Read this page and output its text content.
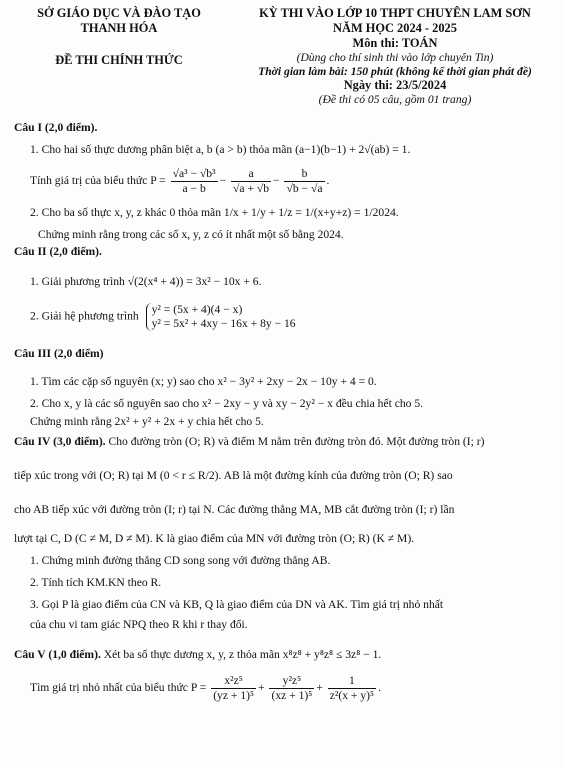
SỞ GIÁO DỤC VÀ ĐÀO TẠO
THANH HÓA
ĐỀ THI CHÍNH THỨC
KỲ THI VÀO LỚP 10 THPT CHUYÊN LAM SƠN
NĂM HỌC 2024 - 2025
Môn thi: TOÁN
(Dùng cho thí sinh thi vào lớp chuyên Tin)
Thời gian làm bài: 150 phút (không kể thời gian phát đề)
Ngày thi: 23/5/2024
(Đề thi có 05 câu, gồm 01 trang)

Câu I (2,0 điểm).

1. Cho hai số thực dương phân biệt a, b (a > b) thỏa mãn (a−1)(b−1) + 2√(ab) = 1.

Tính giá trị của biểu thức $P = \frac{\text{√a³ − √b³}}{a - b} - \frac{a}{√a + √b} - \frac{b}{√b - √a}$ .

2. Cho ba số thực x, y, z khác 0 thỏa mãn 1/x + 1/y + 1/z = 1/(x+y+z) = 1/2024.

Chứng minh rằng trong các số x, y, z có ít nhất một số bằng 2024.

Câu II (2,0 điểm).

1. Giải phương trình √(2(x⁴ + 4)) = 3x² − 10x + 6.

2. Giải hệ phương trình
y² = (5x + 4)(4 − x)
y² = 5x² + 4xy − 16x + 8y − 16

Câu III (2,0 điểm)

1. Tìm các cặp số nguyên (x; y) sao cho x² − 3y² + 2xy − 2x − 10y + 4 = 0.

2. Cho x, y là các số nguyên sao cho x² − 2xy − y và xy − 2y² − x đều chia hết cho 5.

Chứng minh rằng 2x² + y² + 2x + y chia hết cho 5.

Câu IV (3,0 điểm). Cho đường tròn (O; R) và điểm M nằm trên đường tròn đó. Một đường tròn (I; r)

tiếp xúc trong với (O; R) tại M (0 < r ≤ R/2). AB là một đường kính của đường tròn (O; R) sao

cho AB tiếp xúc với đường tròn (I; r) tại N. Các đường thẳng MA, MB cắt đường tròn (I; r) lần

lượt tại C, D (C ≠ M, D ≠ M). K là giao điểm của MN với đường tròn (O; R) (K ≠ M).

1. Chứng minh đường thẳng CD song song với đường thẳng AB.

2. Tính tích KM.KN theo R.

3. Gọi P là giao điểm của CN và KB, Q là giao điểm của DN và AK. Tìm giá trị nhỏ nhất

của chu vi tam giác NPQ theo R khi r thay đổi.

Câu V (1,0 điểm). Xét ba số thực dương x, y, z thỏa mãn x⁸z⁸ + y⁸z⁸ ≤ 3z⁸ − 1.

Tìm giá trị nhỏ nhất của biểu thức $P = \frac{\text{x²z⁵}}{\text{(yz + 1)⁵}} + \frac{\text{y²z⁵}}{\text{(xz + 1)⁵}} + \frac{1}{\text{z²(x + y)⁵}}$ .
